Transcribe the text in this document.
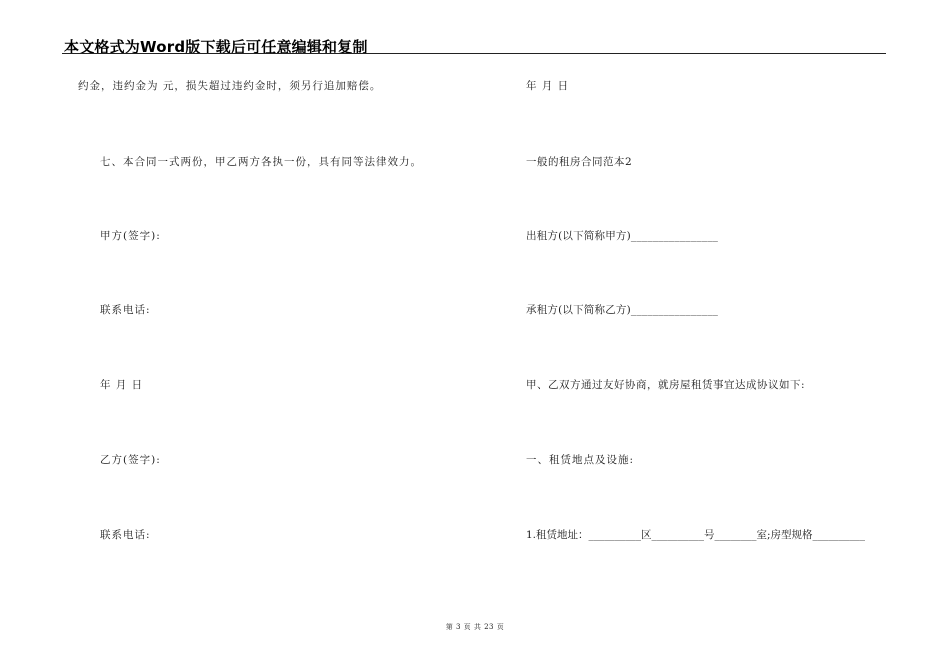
本文格式为Word版下载后可任意编辑和复制
约金，违约金为 元，损失超过违约金时，须另行追加赔偿。
七、本合同一式两份，甲乙两方各执一份，具有同等法律效力。
甲方(签字):
联系电话:
年 月 日
乙方(签字):
联系电话:
年 月 日
一般的租房合同范本2
出租方(以下简称甲方)________________
承租方(以下简称乙方)________________
甲、乙双方通过友好协商，就房屋租赁事宜达成协议如下:
一、租赁地点及设施:
1.租赁地址：__________区__________号________室;房型规格__________
第 3 页 共 23 页
